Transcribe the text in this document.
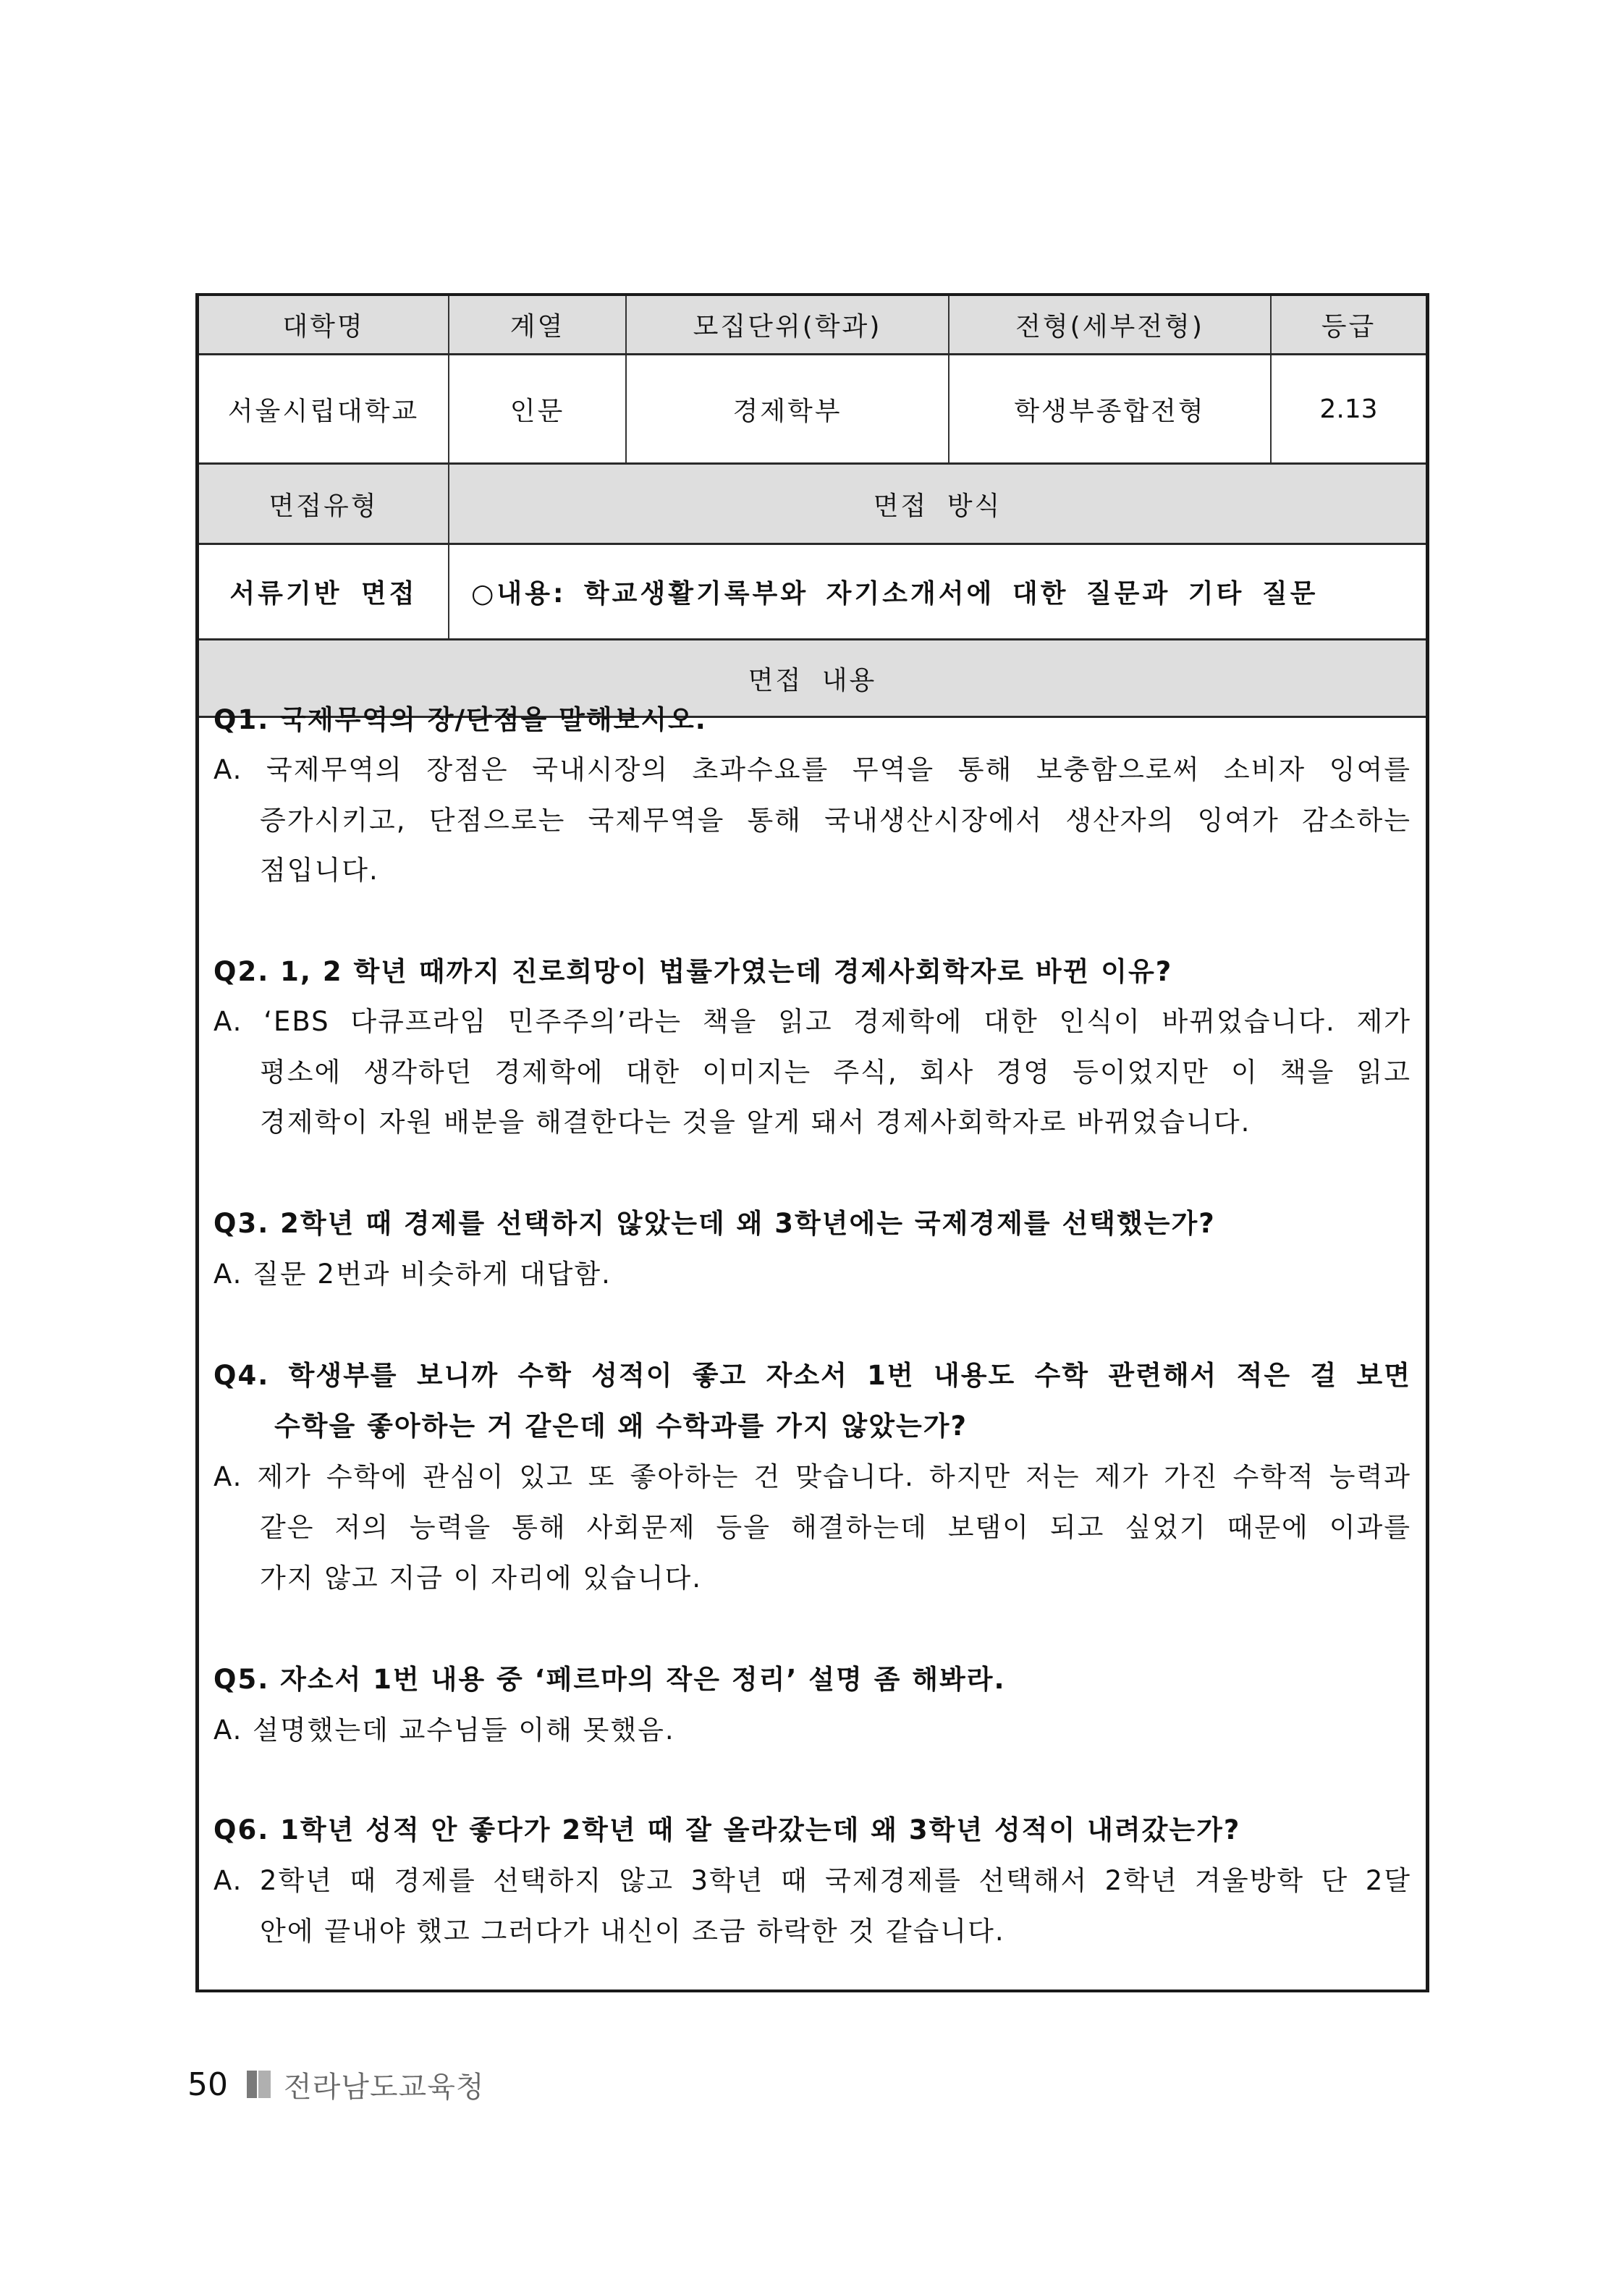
대학명	계열	모집단위(학과)	전형(세부전형)	등급
서울시립대학교	인문	경제학부	학생부종합전형	2.13
면접유형	면접 방식
서류기반 면접	○내용: 학교생활기록부와 자기소개서에 대한 질문과 기타 질문
면접 내용
Q1. 국제무역의 장/단점을 말해보시오.
A. 국제무역의 장점은 국내시장의 초과수요를 무역을 통해 보충함으로써 소비자 잉여를
증가시키고, 단점으로는 국제무역을 통해 국내생산시장에서 생산자의 잉여가 감소하는
점입니다.
Q2. 1, 2 학년 때까지 진로희망이 법률가였는데 경제사회학자로 바뀐 이유?
A. ‘EBS 다큐프라임 민주주의’라는 책을 읽고 경제학에 대한 인식이 바뀌었습니다. 제가
평소에 생각하던 경제학에 대한 이미지는 주식, 회사 경영 등이었지만 이 책을 읽고
경제학이 자원 배분을 해결한다는 것을 알게 돼서 경제사회학자로 바뀌었습니다.
Q3. 2학년 때 경제를 선택하지 않았는데 왜 3학년에는 국제경제를 선택했는가?
A. 질문 2번과 비슷하게 대답함.
Q4. 학생부를 보니까 수학 성적이 좋고 자소서 1번 내용도 수학 관련해서 적은 걸 보면
수학을 좋아하는 거 같은데 왜 수학과를 가지 않았는가?
A. 제가 수학에 관심이 있고 또 좋아하는 건 맞습니다. 하지만 저는 제가 가진 수학적 능력과
같은 저의 능력을 통해 사회문제 등을 해결하는데 보탬이 되고 싶었기 때문에 이과를
가지 않고 지금 이 자리에 있습니다.
Q5. 자소서 1번 내용 중 ‘페르마의 작은 정리’ 설명 좀 해봐라.
A. 설명했는데 교수님들 이해 못했음.
Q6. 1학년 성적 안 좋다가 2학년 때 잘 올라갔는데 왜 3학년 성적이 내려갔는가?
A. 2학년 때 경제를 선택하지 않고 3학년 때 국제경제를 선택해서 2학년 겨울방학 단 2달
안에 끝내야 했고 그러다가 내신이 조금 하락한 것 같습니다.
50 전라남도교육청
